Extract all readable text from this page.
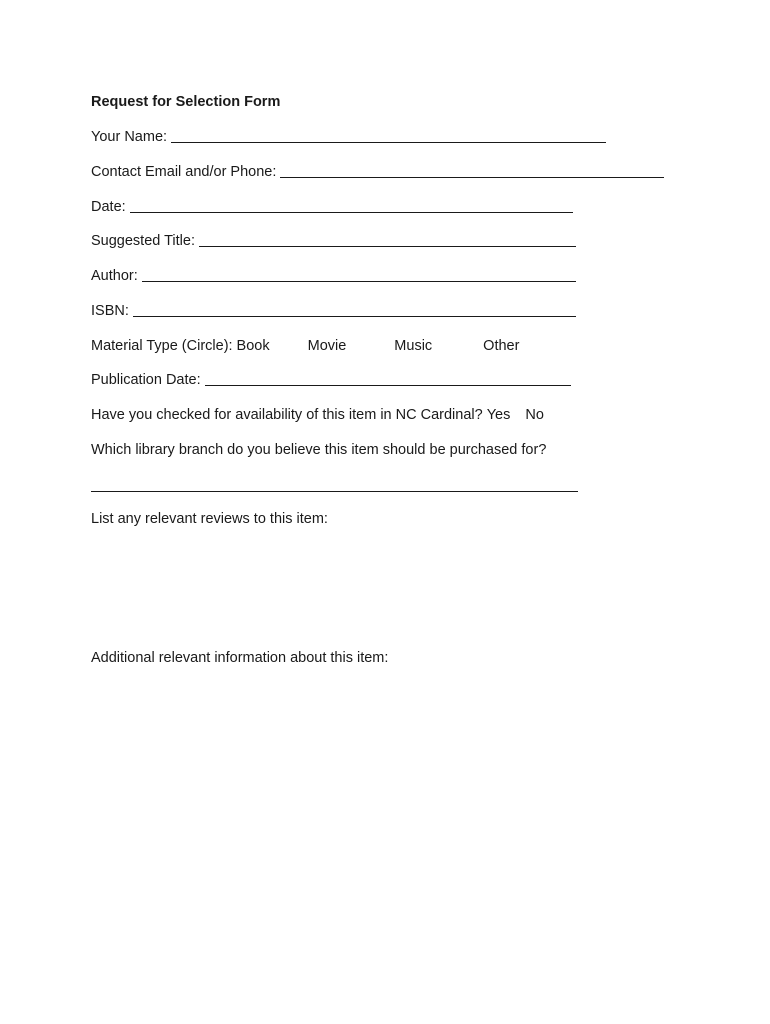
Request for Selection Form
Your Name:
Contact Email and/or Phone:
Date:
Suggested Title:
Author:
ISBN:
Material Type (Circle): Book	Movie	Music	Other
Publication Date:
Have you checked for availability of this item in NC Cardinal? Yes No
Which library branch do you believe this item should be purchased for?
List any relevant reviews to this item:
Additional relevant information about this item:
